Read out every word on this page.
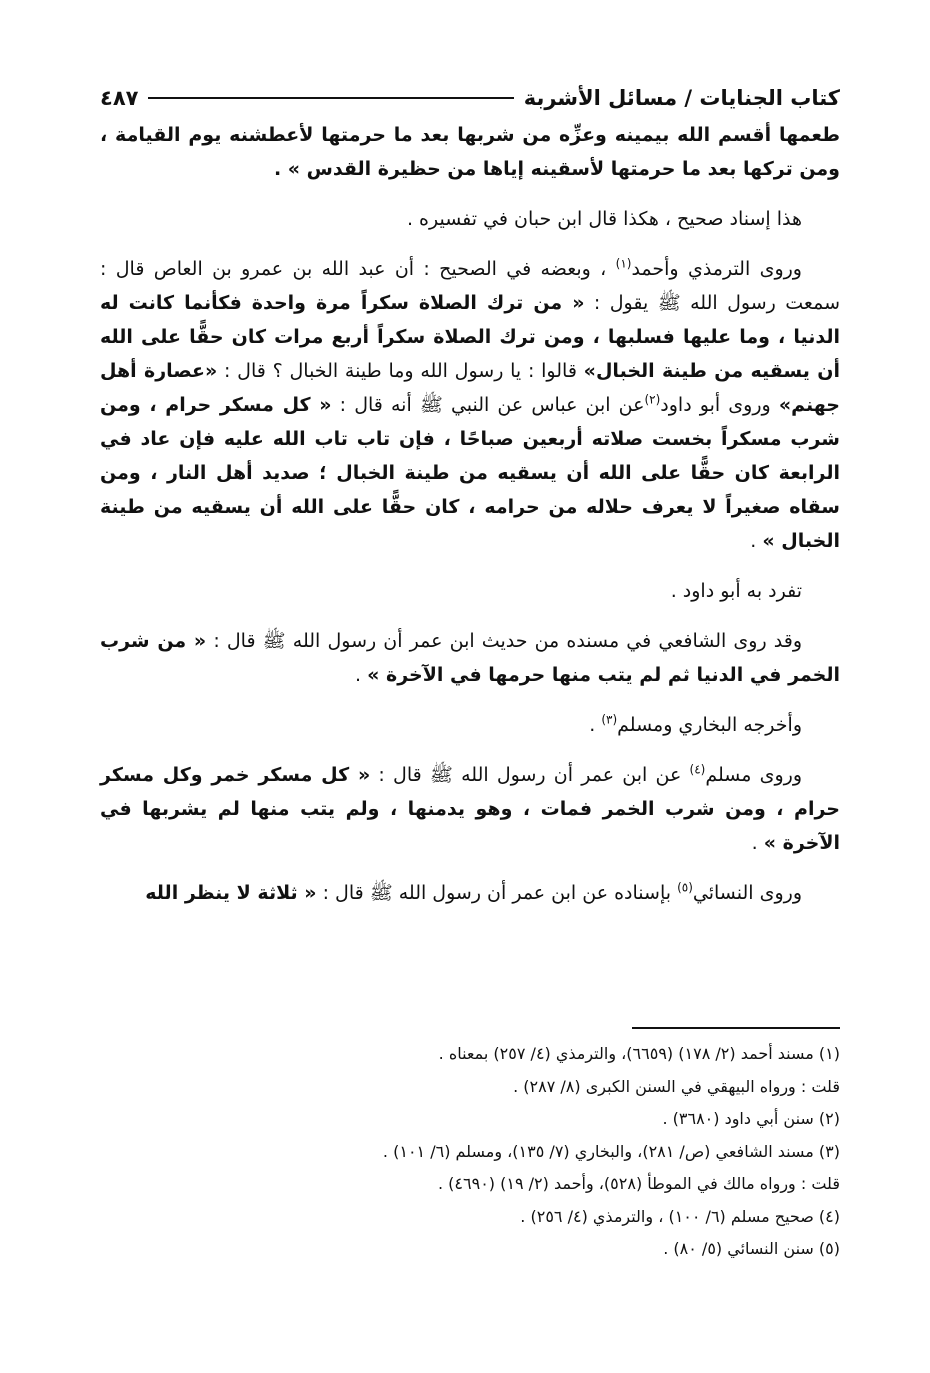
كتاب الجنايات / مسائل الأشربة
٤٨٧

طعمها أقسم الله بيمينه وعزِّه من شربها بعد ما حرمتها لأعطشنه يوم القيامة ، ومن تركها بعد ما حرمتها لأسقينه إياها من حظيرة القدس » .

هذا إسناد صحيح ، هكذا قال ابن حبان في تفسيره .

وروى الترمذي وأحمد$^{(١)}$ ، وبعضه في الصحيح : أن عبد الله بن عمرو بن العاص قال : سمعت رسول الله ﷺ يقول : « من ترك الصلاة سكراً مرة واحدة فكأنما كانت له الدنيا ، وما عليها فسلبها ، ومن ترك الصلاة سكراً أربع مرات كان حقًّا على الله أن يسقيه من طينة الخبال» قالوا : يا رسول الله وما طينة الخبال ؟ قال : «عصارة أهل جهنم» وروى أبو داود$^{(٢)}$عن ابن عباس عن النبي ﷺ أنه قال : « كل مسكر حرام ، ومن شرب مسكراً بخست صلاته أربعين صباحًا ، فإن تاب تاب الله عليه فإن عاد في الرابعة كان حقًّا على الله أن يسقيه من طينة الخبال ؛ صديد أهل النار ، ومن سقاه صغيراً لا يعرف حلاله من حرامه ، كان حقًّا على الله أن يسقيه من طينة الخبال » .

تفرد به أبو داود .

وقد روى الشافعي في مسنده من حديث ابن عمر أن رسول الله ﷺ قال : « من شرب الخمر في الدنيا ثم لم يتب منها حرمها في الآخرة » .

وأخرجه البخاري ومسلم$^{(٣)}$ .

وروى مسلم$^{(٤)}$ عن ابن عمر أن رسول الله ﷺ قال : « كل مسكر خمر وكل مسكر حرام ، ومن شرب الخمر فمات ، وهو يدمنها ، ولم يتب منها لم يشربها في الآخرة » .

وروى النسائي$^{(٥)}$ بإسناده عن ابن عمر أن رسول الله ﷺ قال : « ثلاثة لا ينظر الله

(١) مسند أحمد (٢/ ١٧٨) (٦٦٥٩)، والترمذي (٤/ ٢٥٧) بمعناه .

قلت : ورواه البيهقي في السنن الكبرى (٨/ ٢٨٧) .

(٢) سنن أبي داود (٣٦٨٠) .

(٣) مسند الشافعي (ص/ ٢٨١)، والبخاري (٧/ ١٣٥)، ومسلم (٦/ ١٠١) .

قلت : ورواه مالك في الموطأ (٥٢٨)، وأحمد (٢/ ١٩) (٤٦٩٠) .

(٤) صحيح مسلم (٦/ ١٠٠) ، والترمذي (٤/ ٢٥٦) .

(٥) سنن النسائي (٥/ ٨٠) .
